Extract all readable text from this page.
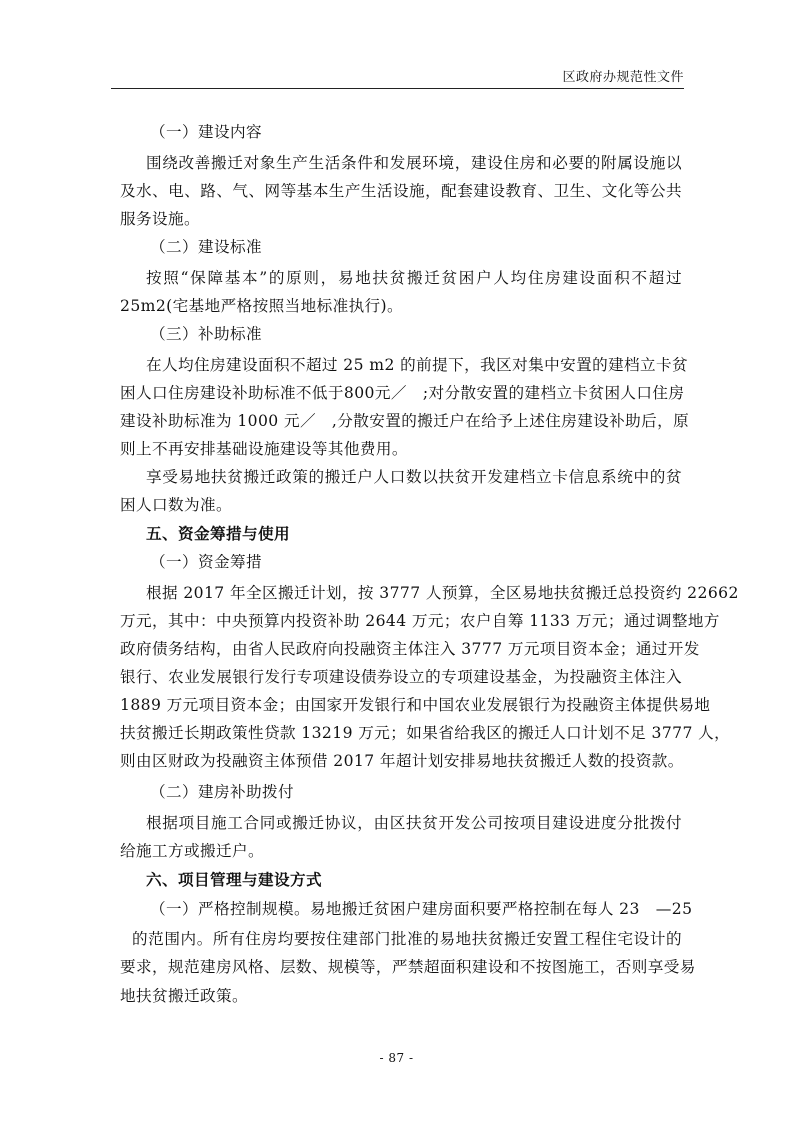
区政府办规范性文件
（一）建设内容
围绕改善搬迁对象生产生活条件和发展环境，建设住房和必要的附属设施以
及水、电、路、气、网等基本生产生活设施，配套建设教育、卫生、文化等公共
服务设施。
（二）建设标准
按照“保障基本”的原则，易地扶贫搬迁贫困户人均住房建设面积不超过
25m2(宅基地严格按照当地标准执行)。
（三）补助标准
在人均住房建设面积不超过 25 m2 的前提下，我区对集中安置的建档立卡贫
困人口住房建设补助标准不低于800元／　;对分散安置的建档立卡贫困人口住房
建设补助标准为 1000 元／　,分散安置的搬迁户在给予上述住房建设补助后，原
则上不再安排基础设施建设等其他费用。
享受易地扶贫搬迁政策的搬迁户人口数以扶贫开发建档立卡信息系统中的贫
困人口数为准。
五、资金筹措与使用
（一）资金筹措
根据 2017 年全区搬迁计划，按 3777 人预算，全区易地扶贫搬迁总投资约 22662
万元，其中：中央预算内投资补助 2644 万元；农户自筹 1133 万元；通过调整地方
政府债务结构，由省人民政府向投融资主体注入 3777 万元项目资本金；通过开发
银行、农业发展银行发行专项建设债券设立的专项建设基金，为投融资主体注入
1889 万元项目资本金；由国家开发银行和中国农业发展银行为投融资主体提供易地
扶贫搬迁长期政策性贷款 13219 万元；如果省给我区的搬迁人口计划不足 3777 人，
则由区财政为投融资主体预借 2017 年超计划安排易地扶贫搬迁人数的投资款。
（二）建房补助拨付
根据项目施工合同或搬迁协议，由区扶贫开发公司按项目建设进度分批拨付
给施工方或搬迁户。
六、项目管理与建设方式
（一）严格控制规模。易地搬迁贫困户建房面积要严格控制在每人 23　—25
的范围内。所有住房均要按住建部门批准的易地扶贫搬迁安置工程住宅设计的
要求，规范建房风格、层数、规模等，严禁超面积建设和不按图施工，否则享受易
地扶贫搬迁政策。
- 87 -
